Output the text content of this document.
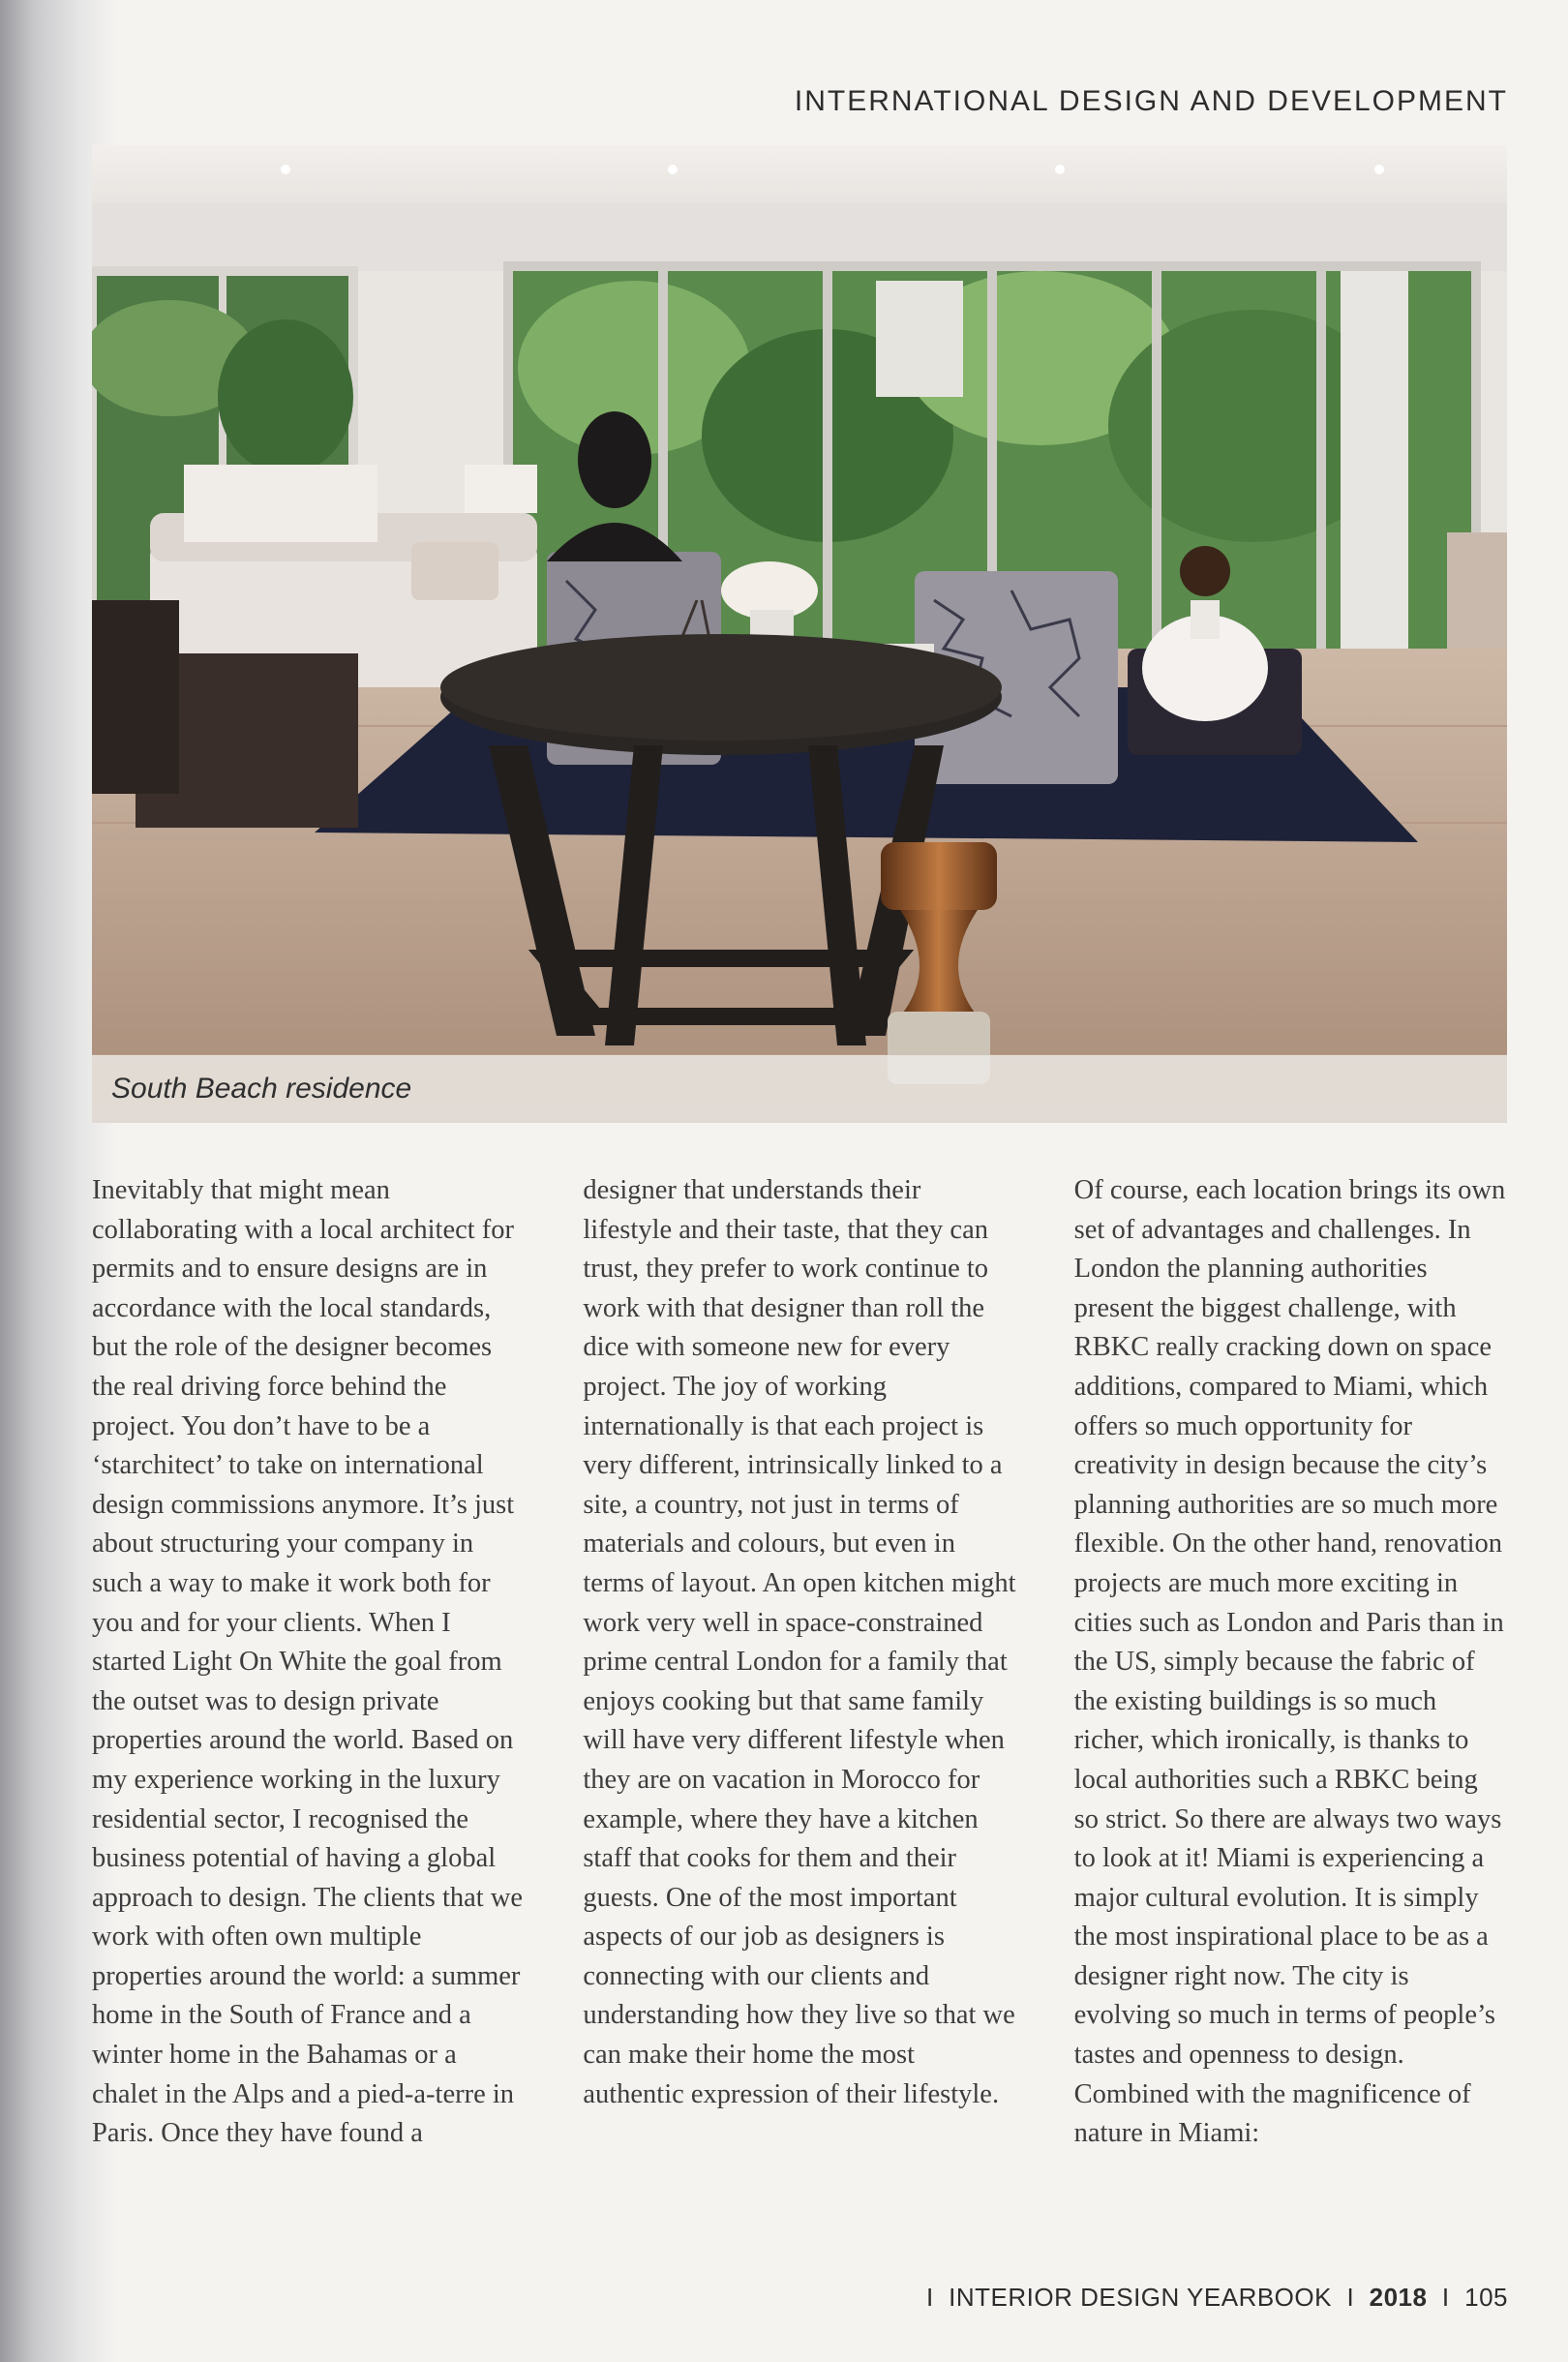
INTERNATIONAL DESIGN AND DEVELOPMENT
South Beach residence

Inevitably that might mean collaborating with a local architect for permits and to ensure designs are in accordance with the local standards, but the role of the designer becomes the real driving force behind the project. You don’t have to be a ‘starchitect’ to take on international design commissions anymore. It’s just about structuring your company in such a way to make it work both for you and for your clients. When I started Light On White the goal from the outset was to design private properties around the world. Based on my experience working in the luxury residential sector, I recognised the business potential of having a global approach to design. The clients that we work with often own multiple properties around the world: a summer home in the South of France and a winter home in the Bahamas or a chalet in the Alps and a pied-a-terre in Paris. Once they have found a

designer that understands their lifestyle and their taste, that they can trust, they prefer to work continue to work with that designer than roll the dice with someone new for every project. The joy of working internationally is that each project is very different, intrinsically linked to a site, a country, not just in terms of materials and colours, but even in terms of layout. An open kitchen might work very well in space-constrained prime central London for a family that enjoys cooking but that same family will have very different lifestyle when they are on vacation in Morocco for example, where they have a kitchen staff that cooks for them and their guests. One of the most important aspects of our job as designers is connecting with our clients and understanding how they live so that we can make their home the most authentic expression of their lifestyle.

Of course, each location brings its own set of advantages and challenges. In London the planning authorities present the biggest challenge, with RBKC really cracking down on space additions, compared to Miami, which offers so much opportunity for creativity in design because the city’s planning authorities are so much more flexible. On the other hand, renovation projects are much more exciting in cities such as London and Paris than in the US, simply because the fabric of the existing buildings is so much richer, which ironically, is thanks to local authorities such a RBKC being so strict. So there are always two ways to look at it! Miami is experiencing a major cultural evolution. It is simply the most inspirational place to be as a designer right now. The city is evolving so much in terms of people’s tastes and openness to design. Combined with the magnificence of nature in Miami:

I INTERIOR DESIGN YEARBOOK I 2018 I 105
